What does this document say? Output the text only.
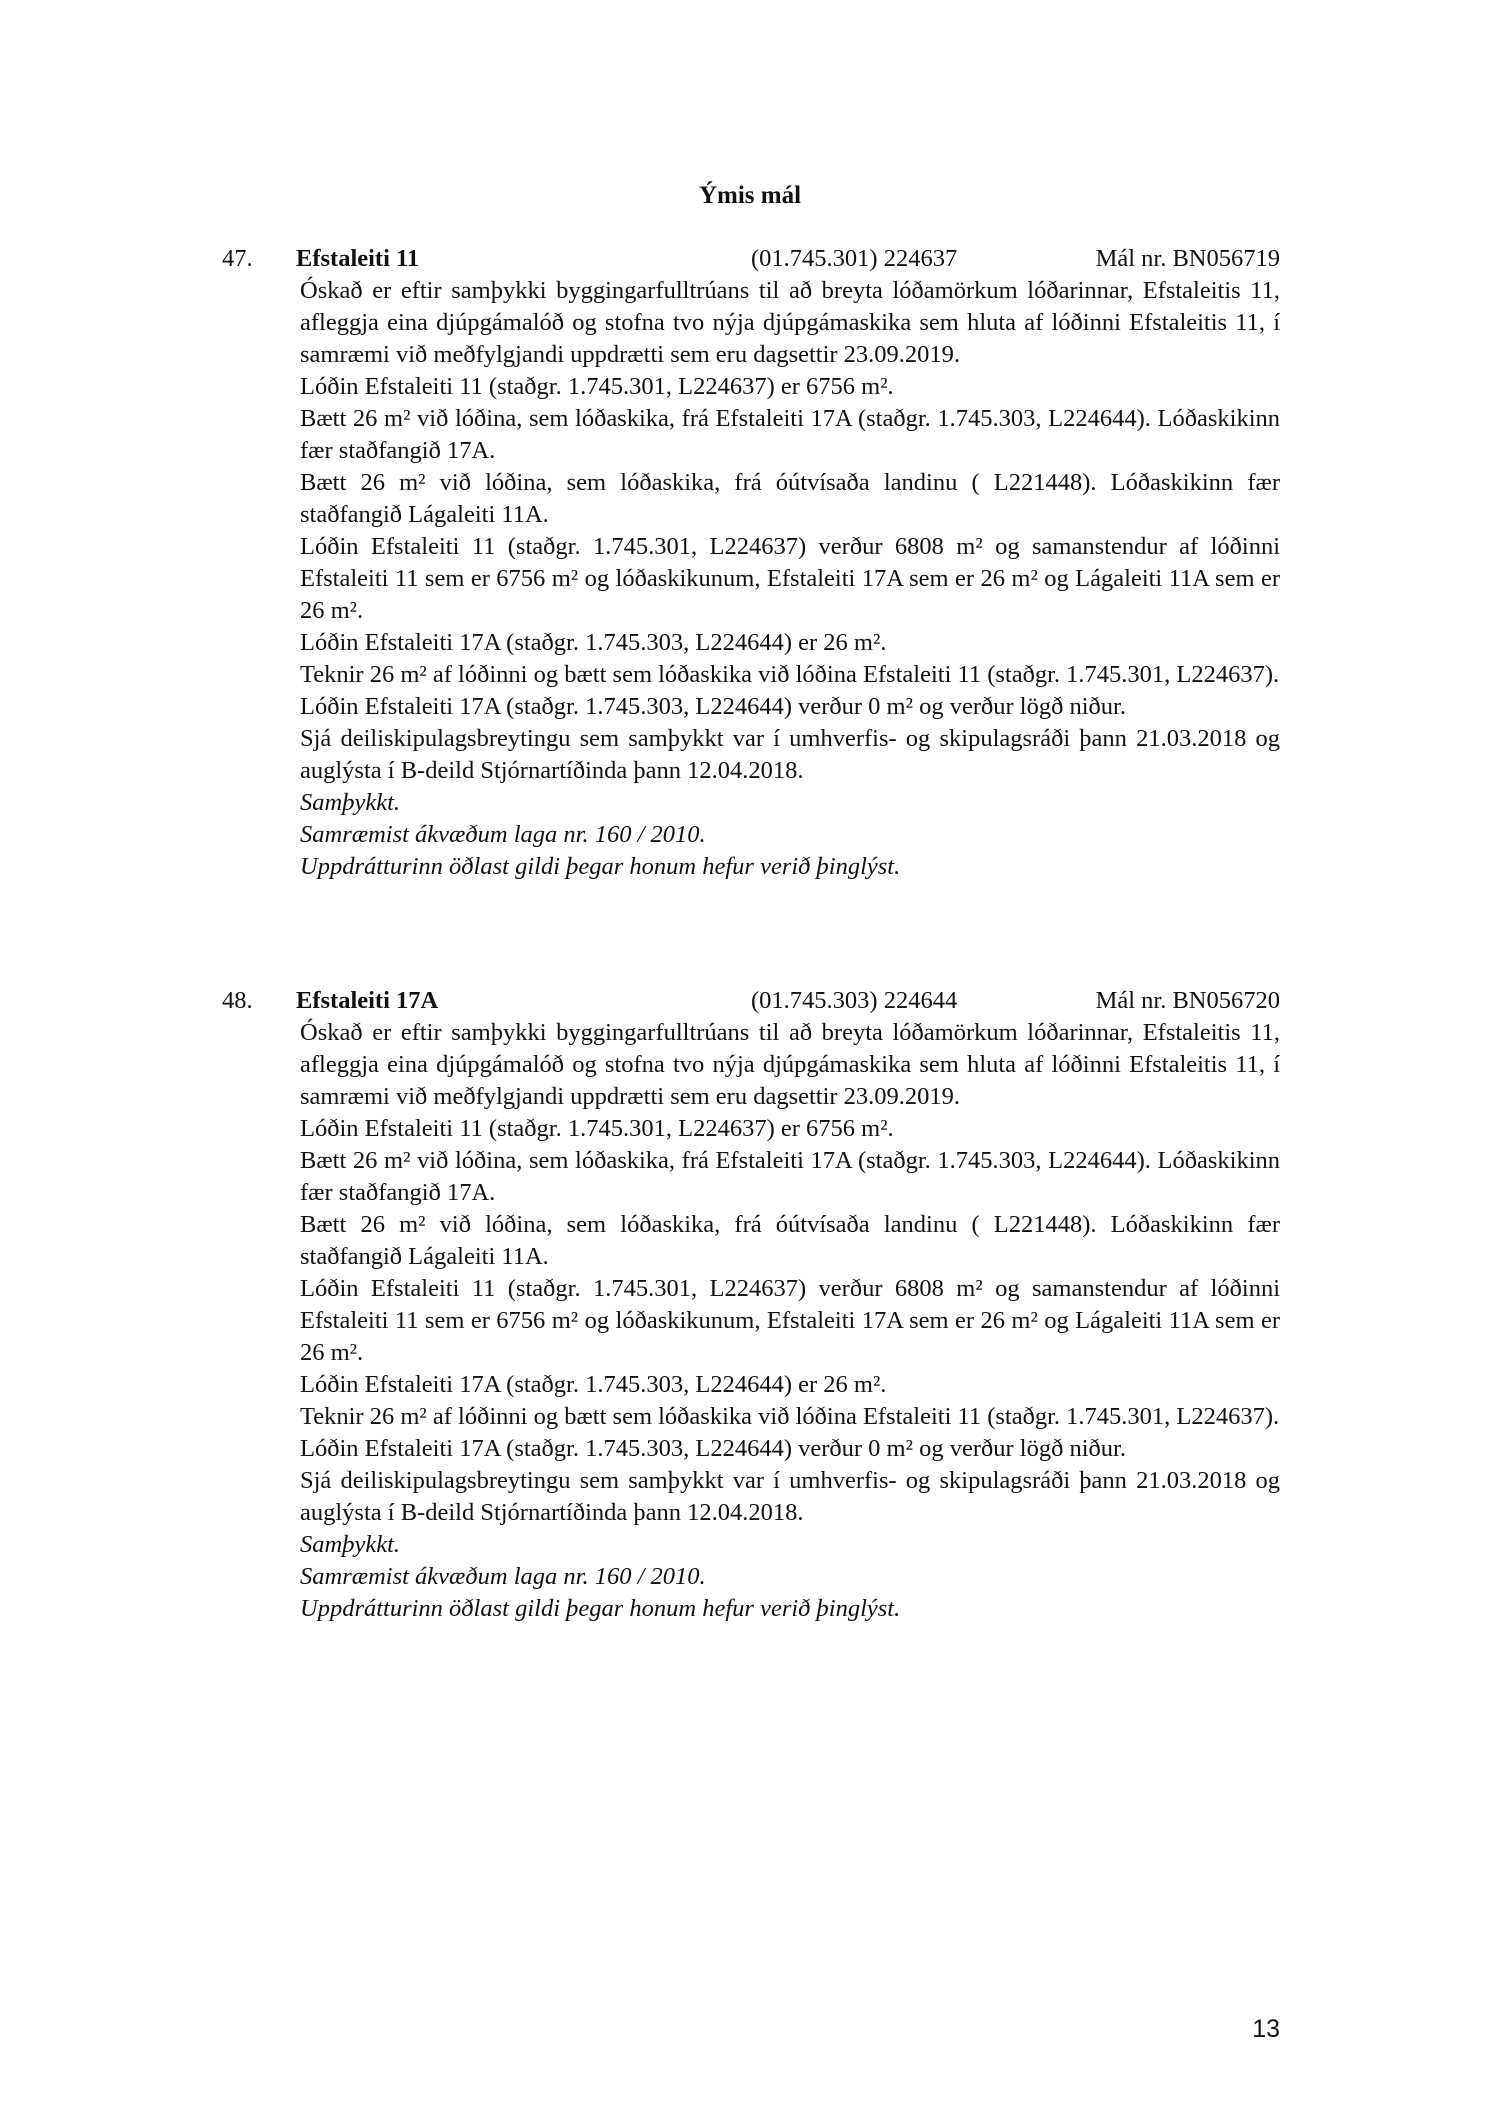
Ýmis mál
47. Efstaleiti 11	(01.745.301) 224637	Mál nr. BN056719

Óskað er eftir samþykki byggingarfulltrúans til að breyta lóðamörkum lóðarinnar, Efstaleitis 11, afleggja eina djúpgámalóð og stofna tvo nýja djúpgámaskika sem hluta af lóðinni Efstaleitis 11, í samræmi við meðfylgjandi uppdrætti sem eru dagsettir 23.09.2019.

Lóðin Efstaleiti 11 (staðgr. 1.745.301, L224637) er 6756 m².

Bætt 26 m² við lóðina, sem lóðaskika, frá Efstaleiti 17A (staðgr. 1.745.303, L224644). Lóðaskikinn fær staðfangið 17A.

Bætt 26 m² við lóðina, sem lóðaskika, frá óútvísaða landinu ( L221448). Lóðaskikinn fær staðfangið Lágaleiti 11A.

Lóðin Efstaleiti 11 (staðgr. 1.745.301, L224637) verður 6808 m² og samanstendur af lóðinni Efstaleiti 11 sem er 6756 m² og lóðaskikunum, Efstaleiti 17A sem er 26 m² og Lágaleiti 11A sem er 26 m².

Lóðin Efstaleiti 17A (staðgr. 1.745.303, L224644) er 26 m².

Teknir 26 m² af lóðinni og bætt sem lóðaskika við lóðina Efstaleiti 11 (staðgr. 1.745.301, L224637).

Lóðin Efstaleiti 17A (staðgr. 1.745.303, L224644) verður 0 m² og verður lögð niður.

Sjá deiliskipulagsbreytingu sem samþykkt var í umhverfis- og skipulagsráði þann 21.03.2018 og auglýsta í B-deild Stjórnartíðinda þann 12.04.2018.

Samþykkt.

Samræmist ákvæðum laga nr. 160 / 2010.

Uppdrátturinn öðlast gildi þegar honum hefur verið þinglýst.

48. Efstaleiti 17A	(01.745.303) 224644	Mál nr. BN056720

Óskað er eftir samþykki byggingarfulltrúans til að breyta lóðamörkum lóðarinnar, Efstaleitis 11, afleggja eina djúpgámalóð og stofna tvo nýja djúpgámaskika sem hluta af lóðinni Efstaleitis 11, í samræmi við meðfylgjandi uppdrætti sem eru dagsettir 23.09.2019.

Lóðin Efstaleiti 11 (staðgr. 1.745.301, L224637) er 6756 m².

Bætt 26 m² við lóðina, sem lóðaskika, frá Efstaleiti 17A (staðgr. 1.745.303, L224644). Lóðaskikinn fær staðfangið 17A.

Bætt 26 m² við lóðina, sem lóðaskika, frá óútvísaða landinu ( L221448). Lóðaskikinn fær staðfangið Lágaleiti 11A.

Lóðin Efstaleiti 11 (staðgr. 1.745.301, L224637) verður 6808 m² og samanstendur af lóðinni Efstaleiti 11 sem er 6756 m² og lóðaskikunum, Efstaleiti 17A sem er 26 m² og Lágaleiti 11A sem er 26 m².

Lóðin Efstaleiti 17A (staðgr. 1.745.303, L224644) er 26 m².

Teknir 26 m² af lóðinni og bætt sem lóðaskika við lóðina Efstaleiti 11 (staðgr. 1.745.301, L224637).

Lóðin Efstaleiti 17A (staðgr. 1.745.303, L224644) verður 0 m² og verður lögð niður.

Sjá deiliskipulagsbreytingu sem samþykkt var í umhverfis- og skipulagsráði þann 21.03.2018 og auglýsta í B-deild Stjórnartíðinda þann 12.04.2018.

Samþykkt.

Samræmist ákvæðum laga nr. 160 / 2010.

Uppdrátturinn öðlast gildi þegar honum hefur verið þinglýst.

13
